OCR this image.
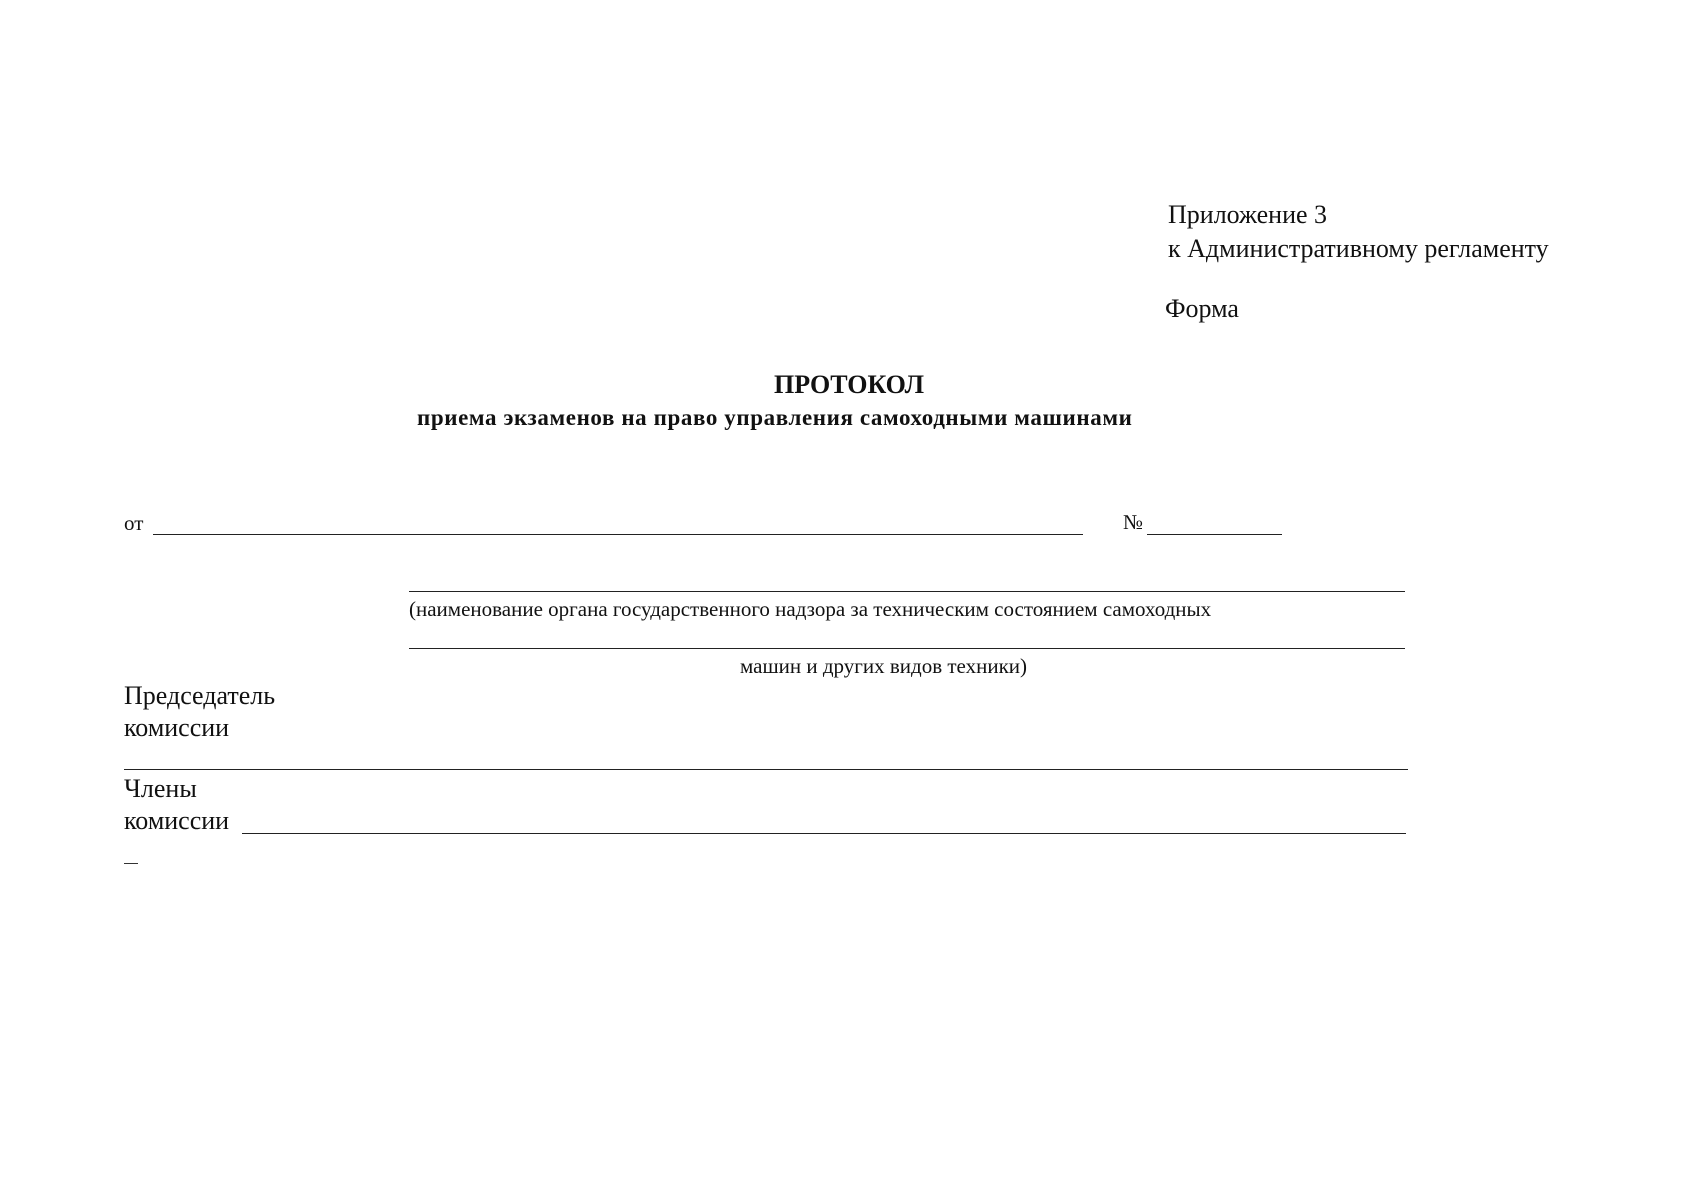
Приложение 3
к Административному регламенту
Форма
ПРОТОКОЛ
приема экзаменов на право управления самоходными машинами
от	№
(наименование органа государственного надзора за техническим состоянием самоходных
машин и других видов техники)
Председатель
комиссии
Члены
комиссии
